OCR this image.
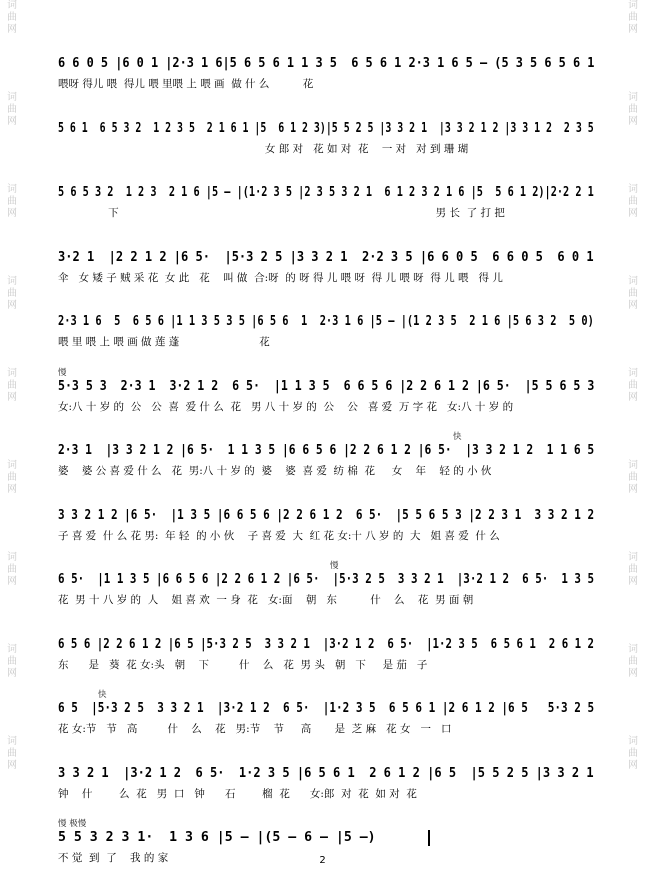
词
曲
网
词
曲
网
词
曲
网
词
曲
网
词
曲
网
词
曲
网
词
曲
网
词
曲
网
词
曲
网
词
曲
网
词
曲
网
词
曲
网
词
曲
网
词
曲
网
词
曲
网
词
曲
网
词
曲
网
词
曲
网
6 6 0 5 |6 0 1 |2·3 1 6|5 6 5 6 1 1 3 5  6 5 6 1 2·3 1 6 5 — (5 3 5 6 5 6 1
喂呀 得儿 喂  得儿 喂 里喂 上 喂 画  做 什 么          花
5 6 1  6 5 3 2  1 2 3 5  2 1 6 1 |5  6 1 2 3)|5 5 2 5 |3 3 2 1  |3 3 2 1 2 |3 3 1 2  2 3 5
女 郎 对   花 如 对  花    一 对   对 到 珊 瑚
5 6 5 3 2  1 2 3  2 1 6 |5 — |(1·2 3 5 |2 3 5 3 2 1  6 1 2 3 2 1 6 |5  5 6 1 2)|2·2 2 1
下                                                                                               男 长  了 打 把
3·2 1  |2 2 1 2 |6 5·  |5·3 2 5 |3 3 2 1  2·2 3 5 |6 6 0 5  6 6 0 5  6 0 1
伞   女 矮 子 贼 采 花  女 此   花    叫 做  合:呀  的 呀 得 儿 喂 呀  得 儿 喂 呀  得 儿 喂   得 儿
2·3 1 6  5  6 5 6 |1 1 3 5 3 5 |6 5 6  1  2·3 1 6 |5 — |(1 2 3 5  2 1 6 |5 6 3 2  5 0)
喂 里 喂 上 喂 画 做 莲 蓬                        花
慢
5·3 5 3  2·3 1  3·2 1 2  6 5·  |1 1 3 5  6 6 5 6 |2 2 6 1 2 |6 5·  |5 5 6 5 3
女:八 十 岁 的  公   公  喜  爱 什 么  花   男 八 十 岁 的  公    公   喜 爱  万 字 花   女:八 十 岁 的
快
2·3 1  |3 3 2 1 2 |6 5·  1 1 3 5 |6 6 5 6 |2 2 6 1 2 |6 5·  |3 3 2 1 2  1 1 6 5
婆    婆 公 喜 爱 什 么   花  男:八 十 岁 的  婆    婆  喜 爱  纺 棉  花     女    年    轻 的 小 伙
3 3 2 1 2 |6 5·  |1 3 5 |6 6 5 6 |2 2 6 1 2  6 5·  |5 5 6 5 3 |2 2 3 1  3 3 2 1 2
子 喜 爱  什 么 花 男:  年 轻  的 小 伙    子 喜 爱  大  红 花 女:十 八 岁 的  大   姐 喜 爱  什 么
慢
6 5·  |1 1 3 5 |6 6 5 6 |2 2 6 1 2 |6 5·  |5·3 2 5  3 3 2 1  |3·2 1 2  6 5·  1 3 5
花  男 十 八 岁 的  人    姐 喜 欢  一 身  花   女:面    朝   东          什    么    花  男 面 朝
6 5 6 |2 2 6 1 2 |6 5 |5·3 2 5  3 3 2 1  |3·2 1 2  6 5·  |1·2 3 5  6 5 6 1  2 6 1 2
东      是   葵  花 女:头   朝    下         什    么   花  男 头   朝   下     是 茄   子
快
6 5  |5·3 2 5  3 3 2 1  |3·2 1 2  6 5·  |1·2 3 5  6 5 6 1 |2 6 1 2 |6 5   5·3 2 5
花 女:节   节   高         什    么    花   男:节    节     高       是  芝 麻   花 女   一   口
3 3 2 1  |3·2 1 2  6 5·  1·2 3 5 |6 5 6 1  2 6 1 2 |6 5  |5 5 2 5 |3 3 2 1
钟    什        么  花   男  口   钟      石        榴  花      女:郎  对  花  如 对  花
慢 极慢
5 5 3 2 3 1·  1 3 6 |5 — |(5 — 6 — |5 —)
不 觉  到  了    我 的 家	2
